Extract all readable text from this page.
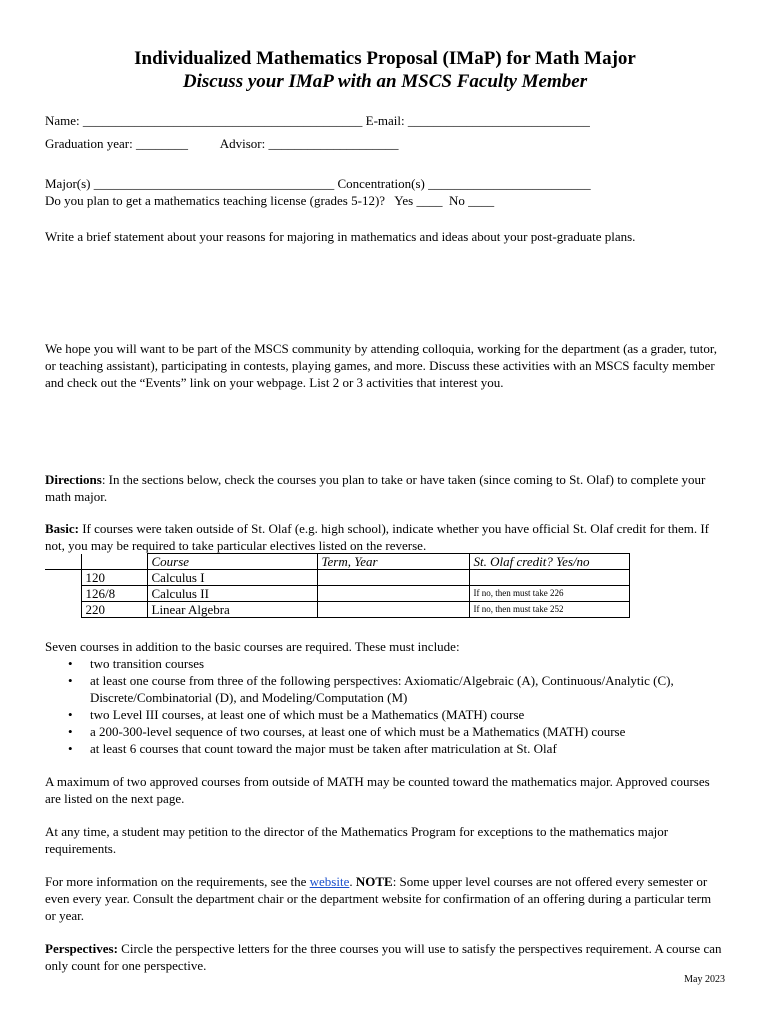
Individualized Mathematics Proposal (IMaP) for Math Major
Discuss your IMaP with an MSCS Faculty Member
Name: ___________________________________________ E-mail: ____________________________
Graduation year: ________          Advisor: ____________________
Major(s) _____________________________________ Concentration(s) _________________________
Do you plan to get a mathematics teaching license (grades 5-12)?   Yes ____  No ____

Write a brief statement about your reasons for majoring in mathematics and ideas about your post-graduate plans.

We hope you will want to be part of the MSCS community by attending colloquia, working for the department (as a grader, tutor, or teaching assistant), participating in contests, playing games, and more. Discuss these activities with an MSCS faculty member and check out the “Events” link on your webpage. List 2 or 3 activities that interest you.

Directions: In the sections below, check the courses you plan to take or have taken (since coming to St. Olaf) to complete your math major.

Basic: If courses were taken outside of St. Olaf (e.g. high school), indicate whether you have official St. Olaf credit for them. If not, you may be required to take particular electives listed on the reverse.

		Course	Term, Year	St. Olaf credit? Yes/no
	120	Calculus I		
	126/8	Calculus II		If no, then must take 226
	220	Linear Algebra		If no, then must take 252

Seven courses in addition to the basic courses are required. These must include:

• two transition courses
• at least one course from three of the following perspectives: Axiomatic/Algebraic (A), Continuous/Analytic (C), Discrete/Combinatorial (D), and Modeling/Computation (M)
• two Level III courses, at least one of which must be a Mathematics (MATH) course
• a 200-300-level sequence of two courses, at least one of which must be a Mathematics (MATH) course
• at least 6 courses that count toward the major must be taken after matriculation at St. Olaf

A maximum of two approved courses from outside of MATH may be counted toward the mathematics major. Approved courses are listed on the next page.

At any time, a student may petition to the director of the Mathematics Program for exceptions to the mathematics major requirements.

For more information on the requirements, see the website. NOTE: Some upper level courses are not offered every semester or even every year. Consult the department chair or the department website for confirmation of an offering during a particular term or year.

Perspectives: Circle the perspective letters for the three courses you will use to satisfy the perspectives requirement. A course can only count for one perspective.

May 2023
